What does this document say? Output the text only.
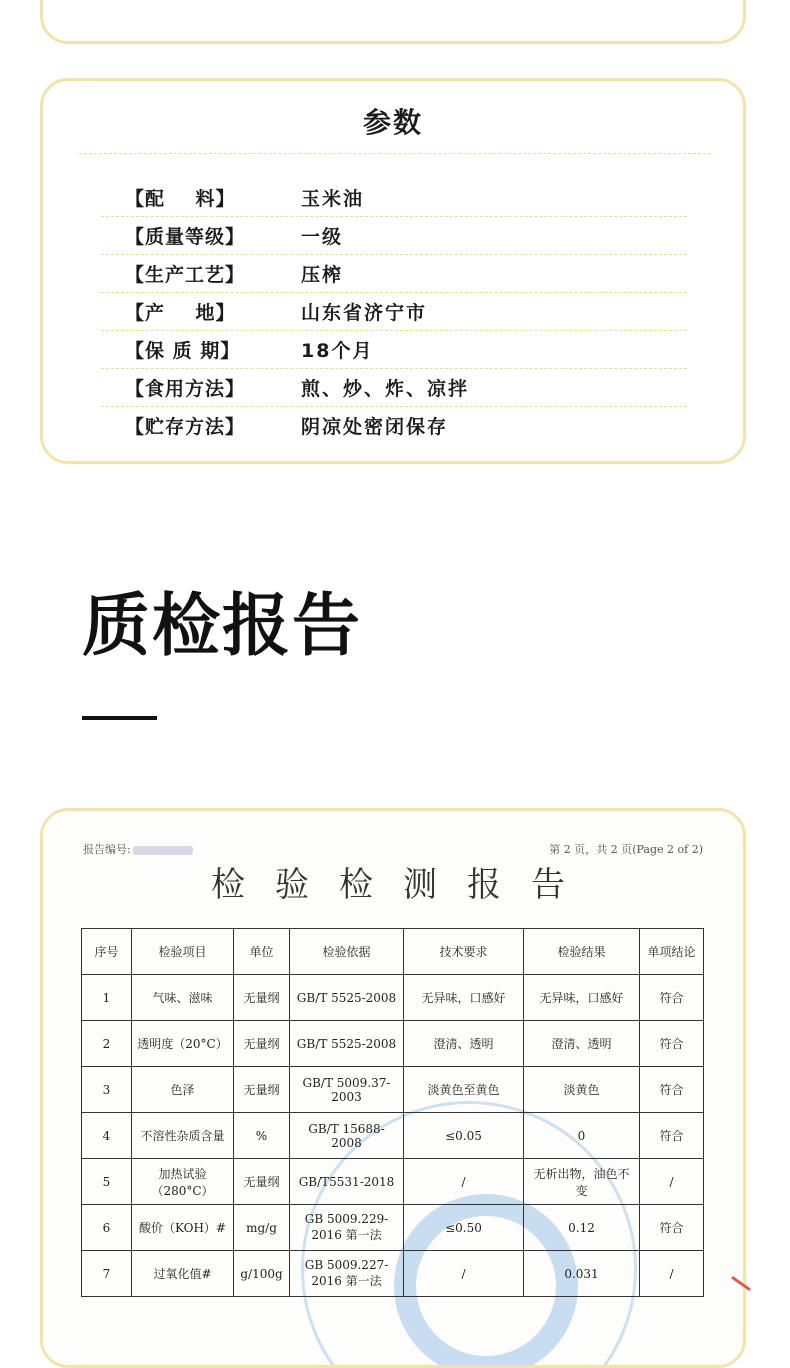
参数
【配    料】	玉米油
【质量等级】	一级
【生产工艺】	压榨
【产    地】	山东省济宁市
【保 质 期】	18个月
【食用方法】	煎、炒、炸、凉拌
【贮存方法】	阴凉处密闭保存
质检报告
报告编号:	第 2 页，共 2 页(Page 2 of 2)
检验检测报告
序号	检验项目	单位	检验依据	技术要求	检验结果	单项结论
1	气味、滋味	无量纲	GB/T 5525-2008	无异味，口感好	无异味，口感好	符合
2	透明度（20°C）	无量纲	GB/T 5525-2008	澄清、透明	澄清、透明	符合
3	色泽	无量纲	GB/T 5009.37-2003	淡黄色至黄色	淡黄色	符合
4	不溶性杂质含量	%	GB/T 15688-2008	≤0.05	0	符合
5	加热试验（280°C）	无量纲	GB/T5531-2018	/	无析出物，油色不变	/
6	酸价（KOH）#	mg/g	GB 5009.229-2016 第一法	≤0.50	0.12	符合
7	过氧化值#	g/100g	GB 5009.227-2016 第一法	/	0.031	/
